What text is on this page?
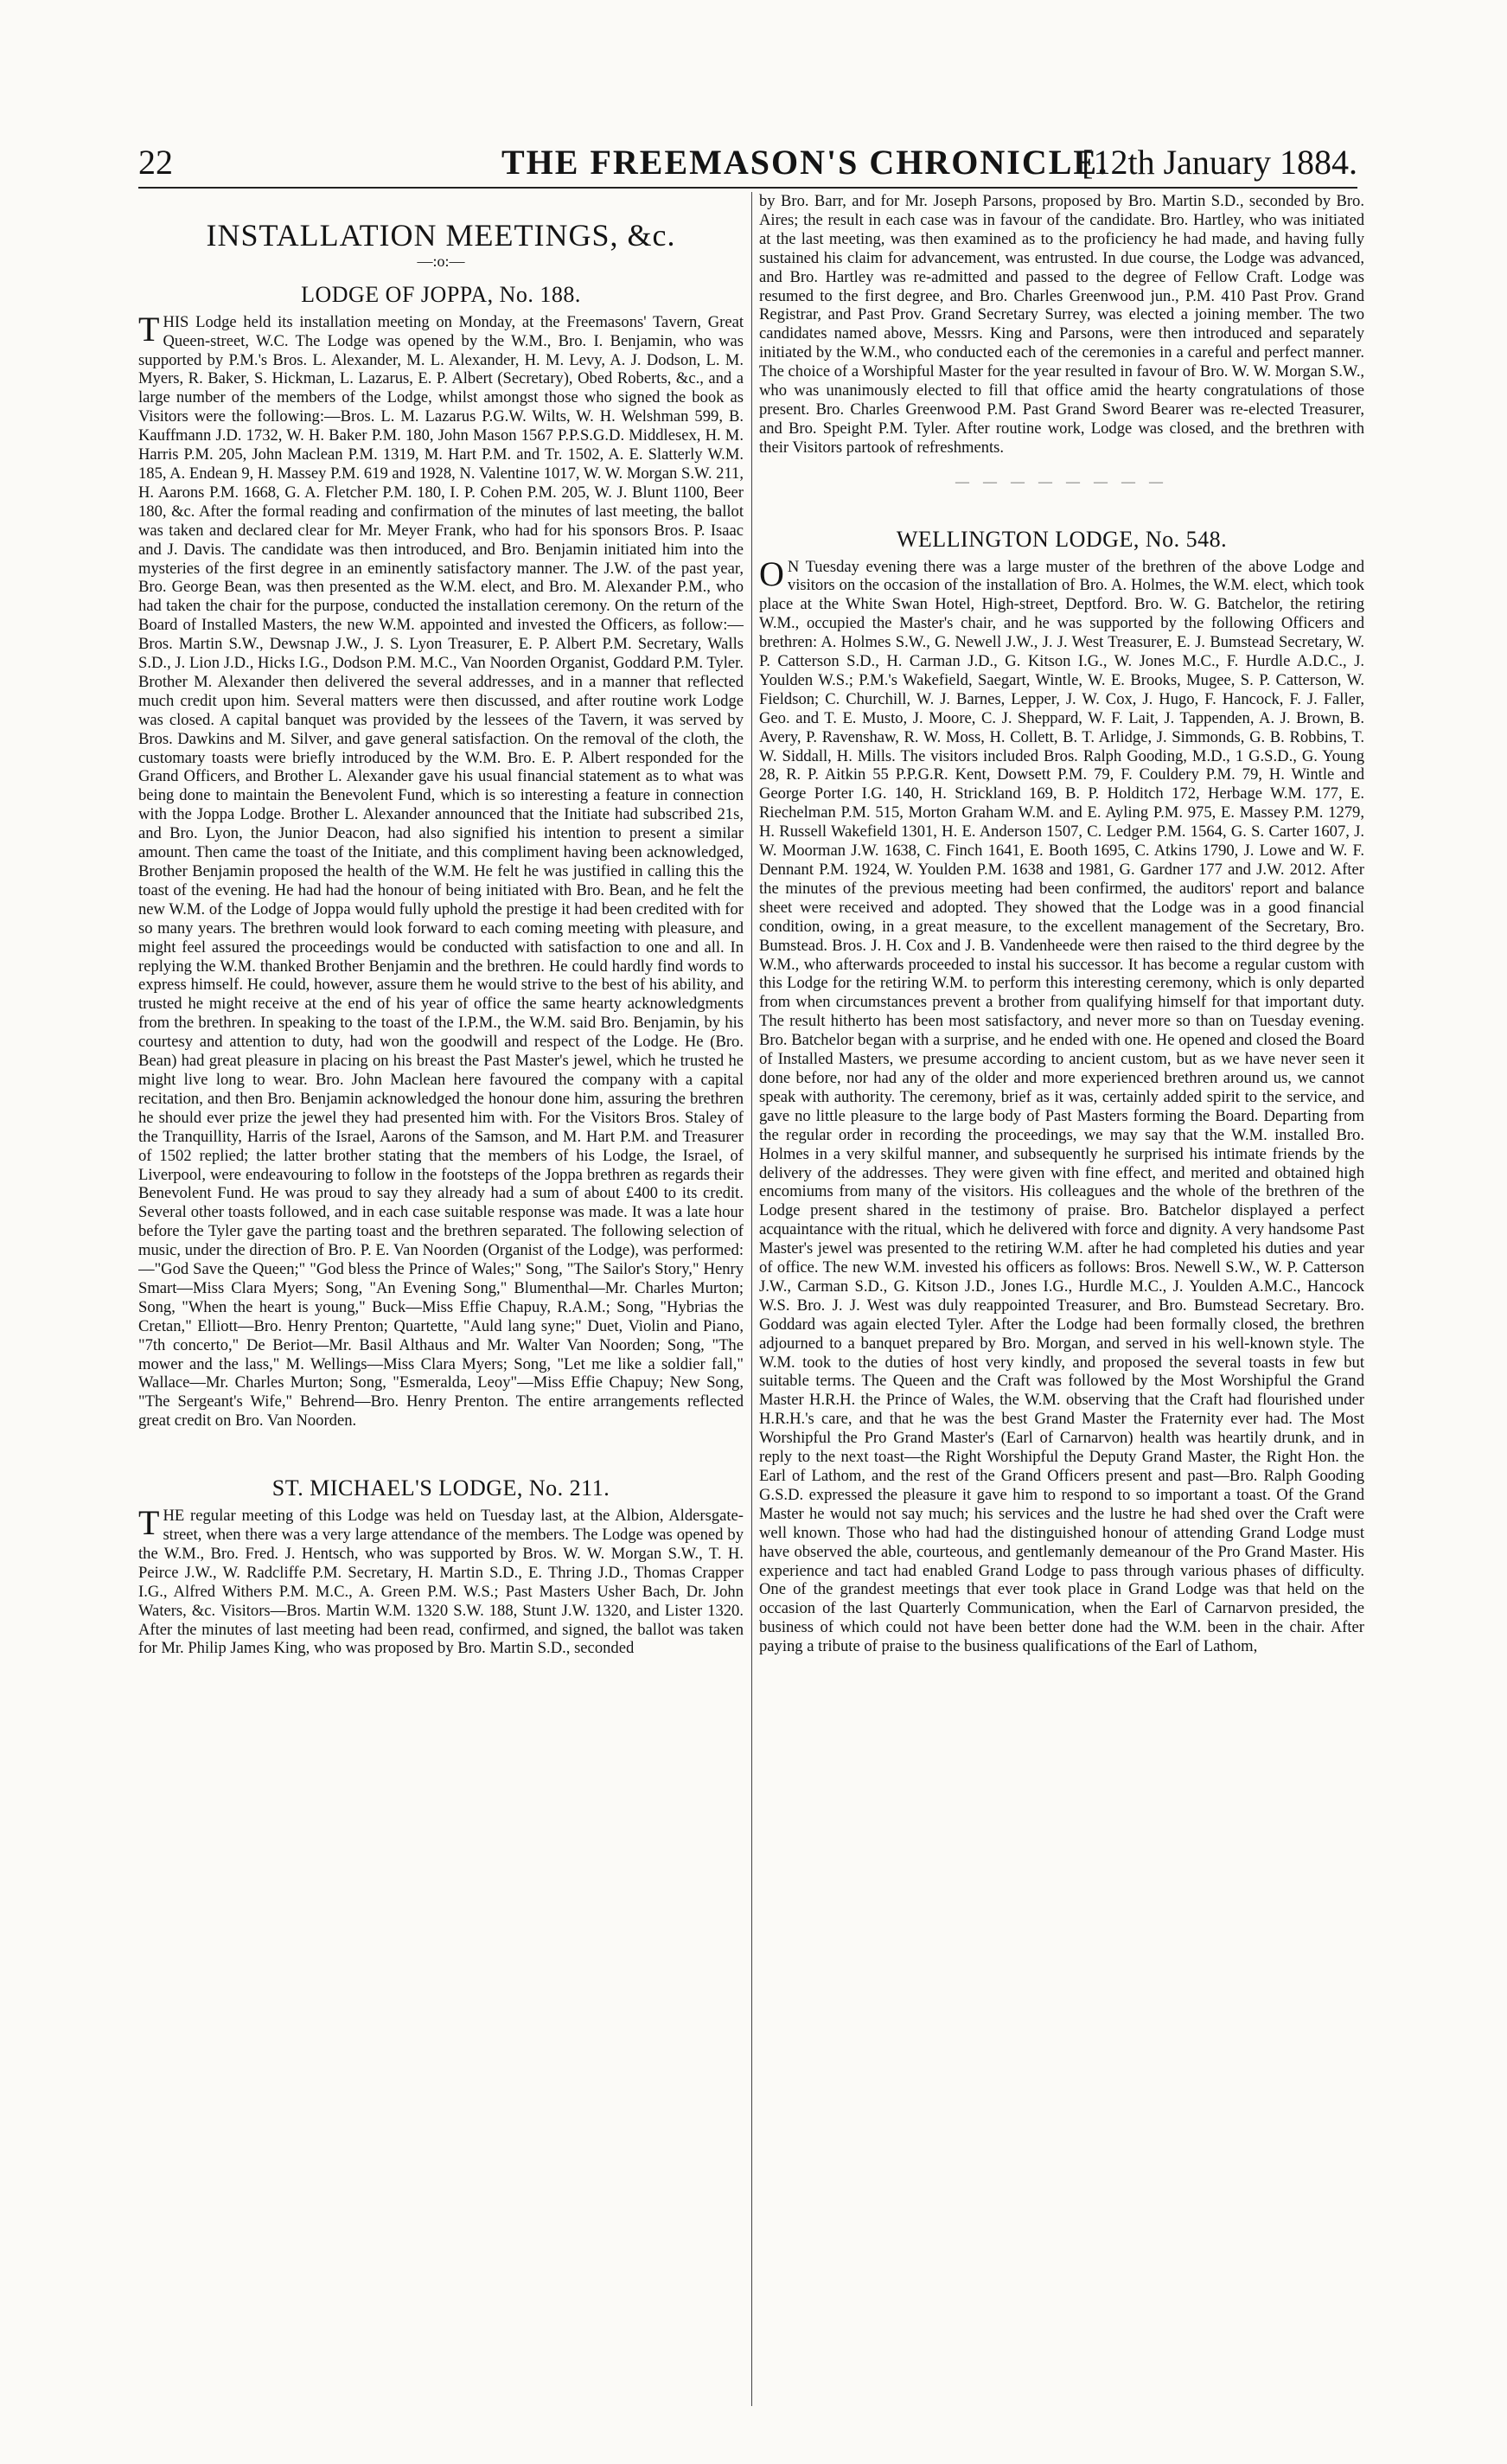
22	THE FREEMASON'S CHRONICLE.
[12th January 1884.
INSTALLATION MEETINGS, &c.
—:o:—
LODGE OF JOPPA, No. 188.

THIS Lodge held its installation meeting on Monday, at the Freemasons' Tavern, Great Queen-street, W.C. The Lodge was opened by the W.M., Bro. I. Benjamin, who was supported by P.M.'s Bros. L. Alexander, M. L. Alexander, H. M. Levy, A. J. Dodson, L. M. Myers, R. Baker, S. Hickman, L. Lazarus, E. P. Albert (Secretary), Obed Roberts, &c., and a large number of the members of the Lodge, whilst amongst those who signed the book as Visitors were the following:—Bros. L. M. Lazarus P.G.W. Wilts, W. H. Welshman 599, B. Kauffmann J.D. 1732, W. H. Baker P.M. 180, John Mason 1567 P.P.S.G.D. Middlesex, H. M. Harris P.M. 205, John Maclean P.M. 1319, M. Hart P.M. and Tr. 1502, A. E. Slatterly W.M. 185, A. Endean 9, H. Massey P.M. 619 and 1928, N. Valentine 1017, W. W. Morgan S.W. 211, H. Aarons P.M. 1668, G. A. Fletcher P.M. 180, I. P. Cohen P.M. 205, W. J. Blunt 1100, Beer 180, &c. After the formal reading and confirmation of the minutes of last meeting, the ballot was taken and declared clear for Mr. Meyer Frank, who had for his sponsors Bros. P. Isaac and J. Davis. The candidate was then introduced, and Bro. Benjamin initiated him into the mysteries of the first degree in an eminently satisfactory manner. The J.W. of the past year, Bro. George Bean, was then presented as the W.M. elect, and Bro. M. Alexander P.M., who had taken the chair for the purpose, conducted the installation ceremony. On the return of the Board of Installed Masters, the new W.M. appointed and invested the Officers, as follow:—Bros. Martin S.W., Dewsnap J.W., J. S. Lyon Treasurer, E. P. Albert P.M. Secretary, Walls S.D., J. Lion J.D., Hicks I.G., Dodson P.M. M.C., Van Noorden Organist, Goddard P.M. Tyler. Brother M. Alexander then delivered the several addresses, and in a manner that reflected much credit upon him. Several matters were then discussed, and after routine work Lodge was closed. A capital banquet was provided by the lessees of the Tavern, it was served by Bros. Dawkins and M. Silver, and gave general satisfaction. On the removal of the cloth, the customary toasts were briefly introduced by the W.M. Bro. E. P. Albert responded for the Grand Officers, and Brother L. Alexander gave his usual financial statement as to what was being done to maintain the Benevolent Fund, which is so interesting a feature in connection with the Joppa Lodge. Brother L. Alexander announced that the Initiate had subscribed 21s, and Bro. Lyon, the Junior Deacon, had also signified his intention to present a similar amount. Then came the toast of the Initiate, and this compliment having been acknowledged, Brother Benjamin proposed the health of the W.M. He felt he was justified in calling this the toast of the evening. He had had the honour of being initiated with Bro. Bean, and he felt the new W.M. of the Lodge of Joppa would fully uphold the prestige it had been credited with for so many years. The brethren would look forward to each coming meeting with pleasure, and might feel assured the proceedings would be conducted with satisfaction to one and all. In replying the W.M. thanked Brother Benjamin and the brethren. He could hardly find words to express himself. He could, however, assure them he would strive to the best of his ability, and trusted he might receive at the end of his year of office the same hearty acknowledgments from the brethren. In speaking to the toast of the I.P.M., the W.M. said Bro. Benjamin, by his courtesy and attention to duty, had won the goodwill and respect of the Lodge. He (Bro. Bean) had great pleasure in placing on his breast the Past Master's jewel, which he trusted he might live long to wear. Bro. John Maclean here favoured the company with a capital recitation, and then Bro. Benjamin acknowledged the honour done him, assuring the brethren he should ever prize the jewel they had presented him with. For the Visitors Bros. Staley of the Tranquillity, Harris of the Israel, Aarons of the Samson, and M. Hart P.M. and Treasurer of 1502 replied; the latter brother stating that the members of his Lodge, the Israel, of Liverpool, were endeavouring to follow in the footsteps of the Joppa brethren as regards their Benevolent Fund. He was proud to say they already had a sum of about £400 to its credit. Several other toasts followed, and in each case suitable response was made. It was a late hour before the Tyler gave the parting toast and the brethren separated. The following selection of music, under the direction of Bro. P. E. Van Noorden (Organist of the Lodge), was performed:—"God Save the Queen;" "God bless the Prince of Wales;" Song, "The Sailor's Story," Henry Smart—Miss Clara Myers; Song, "An Evening Song," Blumenthal—Mr. Charles Murton; Song, "When the heart is young," Buck—Miss Effie Chapuy, R.A.M.; Song, "Hybrias the Cretan," Elliott—Bro. Henry Prenton; Quartette, "Auld lang syne;" Duet, Violin and Piano, "7th concerto," De Beriot—Mr. Basil Althaus and Mr. Walter Van Noorden; Song, "The mower and the lass," M. Wellings—Miss Clara Myers; Song, "Let me like a soldier fall," Wallace—Mr. Charles Murton; Song, "Esmeralda, Leoy"—Miss Effie Chapuy; New Song, "The Sergeant's Wife," Behrend—Bro. Henry Prenton. The entire arrangements reflected great credit on Bro. Van Noorden.

ST. MICHAEL'S LODGE, No. 211.

THE regular meeting of this Lodge was held on Tuesday last, at the Albion, Aldersgate-street, when there was a very large attendance of the members. The Lodge was opened by the W.M., Bro. Fred. J. Hentsch, who was supported by Bros. W. W. Morgan S.W., T. H. Peirce J.W., W. Radcliffe P.M. Secretary, H. Martin S.D., E. Thring J.D., Thomas Crapper I.G., Alfred Withers P.M. M.C., A. Green P.M. W.S.; Past Masters Usher Bach, Dr. John Waters, &c. Visitors—Bros. Martin W.M. 1320 S.W. 188, Stunt J.W. 1320, and Lister 1320. After the minutes of last meeting had been read, confirmed, and signed, the ballot was taken for Mr. Philip James King, who was proposed by Bro. Martin S.D., seconded

by Bro. Barr, and for Mr. Joseph Parsons, proposed by Bro. Martin S.D., seconded by Bro. Aires; the result in each case was in favour of the candidate. Bro. Hartley, who was initiated at the last meeting, was then examined as to the proficiency he had made, and having fully sustained his claim for advancement, was entrusted. In due course, the Lodge was advanced, and Bro. Hartley was re-admitted and passed to the degree of Fellow Craft. Lodge was resumed to the first degree, and Bro. Charles Greenwood jun., P.M. 410 Past Prov. Grand Registrar, and Past Prov. Grand Secretary Surrey, was elected a joining member. The two candidates named above, Messrs. King and Parsons, were then introduced and separately initiated by the W.M., who conducted each of the ceremonies in a careful and perfect manner. The choice of a Worshipful Master for the year resulted in favour of Bro. W. W. Morgan S.W., who was unanimously elected to fill that office amid the hearty congratulations of those present. Bro. Charles Greenwood P.M. Past Grand Sword Bearer was re-elected Treasurer, and Bro. Speight P.M. Tyler. After routine work, Lodge was closed, and the brethren with their Visitors partook of refreshments.

— — — — — — — —
WELLINGTON LODGE, No. 548.

ON Tuesday evening there was a large muster of the brethren of the above Lodge and visitors on the occasion of the installation of Bro. A. Holmes, the W.M. elect, which took place at the White Swan Hotel, High-street, Deptford. Bro. W. G. Batchelor, the retiring W.M., occupied the Master's chair, and he was supported by the following Officers and brethren: A. Holmes S.W., G. Newell J.W., J. J. West Treasurer, E. J. Bumstead Secretary, W. P. Catterson S.D., H. Carman J.D., G. Kitson I.G., W. Jones M.C., F. Hurdle A.D.C., J. Youlden W.S.; P.M.'s Wakefield, Saegart, Wintle, W. E. Brooks, Mugee, S. P. Catterson, W. Fieldson; C. Churchill, W. J. Barnes, Lepper, J. W. Cox, J. Hugo, F. Hancock, F. J. Faller, Geo. and T. E. Musto, J. Moore, C. J. Sheppard, W. F. Lait, J. Tappenden, A. J. Brown, B. Avery, P. Ravenshaw, R. W. Moss, H. Collett, B. T. Arlidge, J. Simmonds, G. B. Robbins, T. W. Siddall, H. Mills. The visitors included Bros. Ralph Gooding, M.D., 1 G.S.D., G. Young 28, R. P. Aitkin 55 P.P.G.R. Kent, Dowsett P.M. 79, F. Couldery P.M. 79, H. Wintle and George Porter I.G. 140, H. Strickland 169, B. P. Holditch 172, Herbage W.M. 177, E. Riechelman P.M. 515, Morton Graham W.M. and E. Ayling P.M. 975, E. Massey P.M. 1279, H. Russell Wakefield 1301, H. E. Anderson 1507, C. Ledger P.M. 1564, G. S. Carter 1607, J. W. Moorman J.W. 1638, C. Finch 1641, E. Booth 1695, C. Atkins 1790, J. Lowe and W. F. Dennant P.M. 1924, W. Youlden P.M. 1638 and 1981, G. Gardner 177 and J.W. 2012. After the minutes of the previous meeting had been confirmed, the auditors' report and balance sheet were received and adopted. They showed that the Lodge was in a good financial condition, owing, in a great measure, to the excellent management of the Secretary, Bro. Bumstead. Bros. J. H. Cox and J. B. Vandenheede were then raised to the third degree by the W.M., who afterwards proceeded to instal his successor. It has become a regular custom with this Lodge for the retiring W.M. to perform this interesting ceremony, which is only departed from when circumstances prevent a brother from qualifying himself for that important duty. The result hitherto has been most satisfactory, and never more so than on Tuesday evening. Bro. Batchelor began with a surprise, and he ended with one. He opened and closed the Board of Installed Masters, we presume according to ancient custom, but as we have never seen it done before, nor had any of the older and more experienced brethren around us, we cannot speak with authority. The ceremony, brief as it was, certainly added spirit to the service, and gave no little pleasure to the large body of Past Masters forming the Board. Departing from the regular order in recording the proceedings, we may say that the W.M. installed Bro. Holmes in a very skilful manner, and subsequently he surprised his intimate friends by the delivery of the addresses. They were given with fine effect, and merited and obtained high encomiums from many of the visitors. His colleagues and the whole of the brethren of the Lodge present shared in the testimony of praise. Bro. Batchelor displayed a perfect acquaintance with the ritual, which he delivered with force and dignity. A very handsome Past Master's jewel was presented to the retiring W.M. after he had completed his duties and year of office. The new W.M. invested his officers as follows: Bros. Newell S.W., W. P. Catterson J.W., Carman S.D., G. Kitson J.D., Jones I.G., Hurdle M.C., J. Youlden A.M.C., Hancock W.S. Bro. J. J. West was duly reappointed Treasurer, and Bro. Bumstead Secretary. Bro. Goddard was again elected Tyler. After the Lodge had been formally closed, the brethren adjourned to a banquet prepared by Bro. Morgan, and served in his well-known style. The W.M. took to the duties of host very kindly, and proposed the several toasts in few but suitable terms. The Queen and the Craft was followed by the Most Worshipful the Grand Master H.R.H. the Prince of Wales, the W.M. observing that the Craft had flourished under H.R.H.'s care, and that he was the best Grand Master the Fraternity ever had. The Most Worshipful the Pro Grand Master's (Earl of Carnarvon) health was heartily drunk, and in reply to the next toast—the Right Worshipful the Deputy Grand Master, the Right Hon. the Earl of Lathom, and the rest of the Grand Officers present and past—Bro. Ralph Gooding G.S.D. expressed the pleasure it gave him to respond to so important a toast. Of the Grand Master he would not say much; his services and the lustre he had shed over the Craft were well known. Those who had had the distinguished honour of attending Grand Lodge must have observed the able, courteous, and gentlemanly demeanour of the Pro Grand Master. His experience and tact had enabled Grand Lodge to pass through various phases of difficulty. One of the grandest meetings that ever took place in Grand Lodge was that held on the occasion of the last Quarterly Communication, when the Earl of Carnarvon presided, the business of which could not have been better done had the W.M. been in the chair. After paying a tribute of praise to the business qualifications of the Earl of Lathom,
